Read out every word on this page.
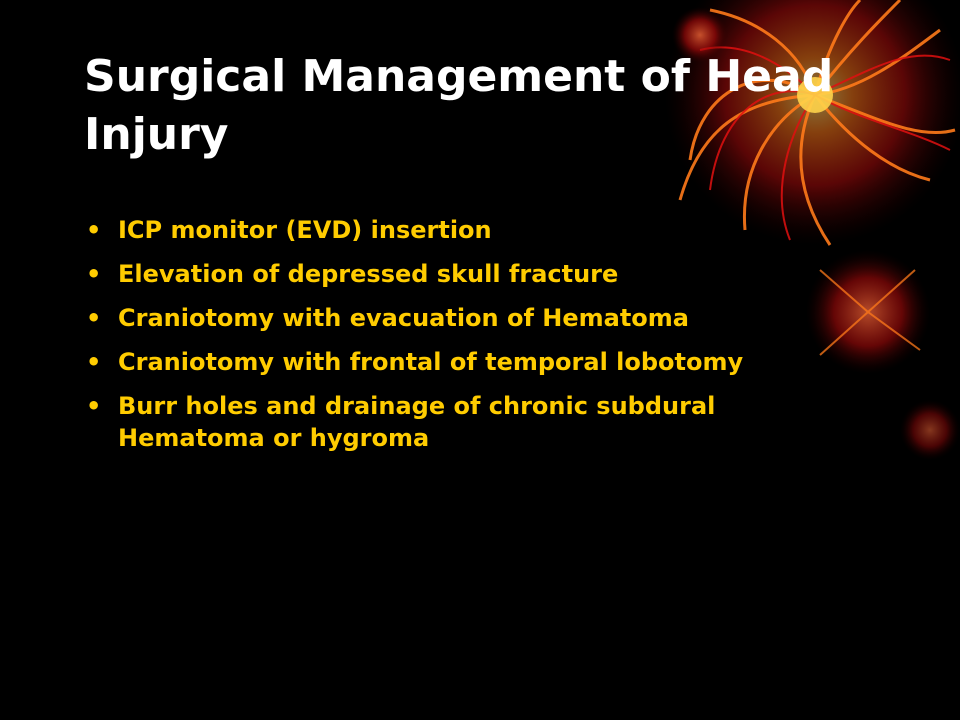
Surgical Management of Head Injury
• ICP monitor (EVD) insertion
• Elevation of depressed skull fracture
• Craniotomy with evacuation of Hematoma
• Craniotomy with frontal of temporal lobotomy
• Burr holes and drainage of chronic subdural Hematoma or hygroma
